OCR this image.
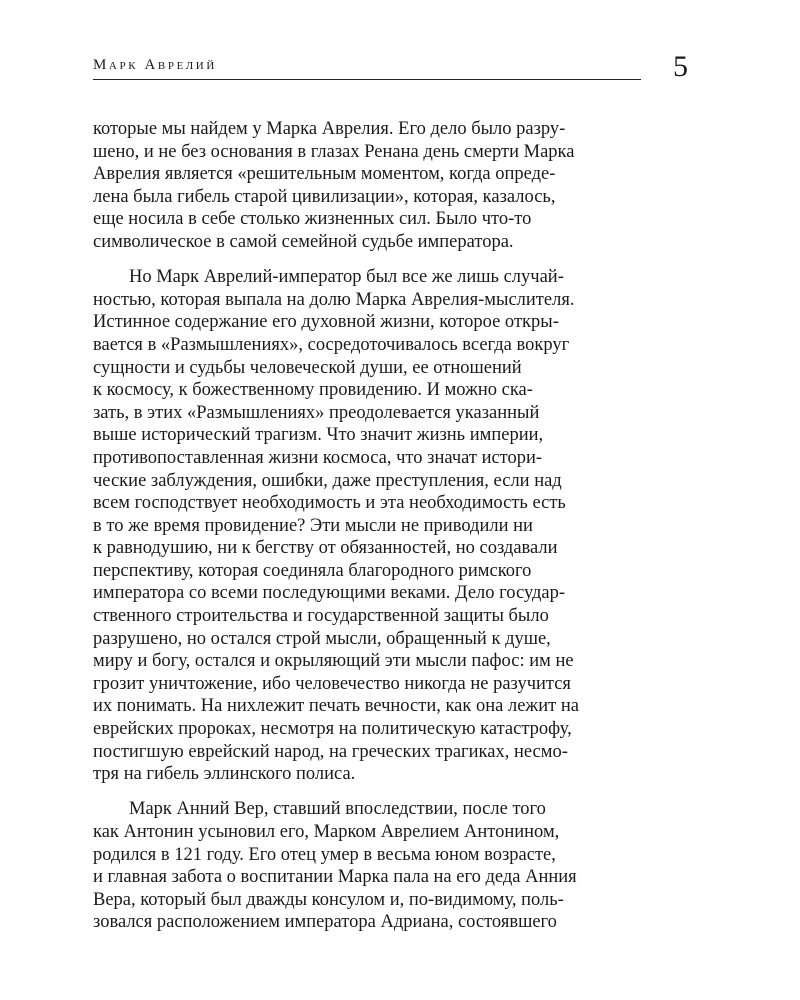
Марк Аврелий	5

которые мы найдем у Марка Аврелия. Его дело было разру-
шено, и не без основания в глазах Ренана день смерти Марка
Аврелия является «решительным моментом, когда опреде-
лена была гибель старой цивилизации», которая, казалось,
еще носила в себе столько жизненных сил. Было что-то
символическое в самой семейной судьбе императора.

Но Марк Аврелий-император был все же лишь случай-
ностью, которая выпала на долю Марка Аврелия-мыслителя.
Истинное содержание его духовной жизни, которое откры-
вается в «Размышлениях», сосредоточивалось всегда вокруг
сущности и судьбы человеческой души, ее отношений
к космосу, к божественному провидению. И можно ска-
зать, в этих «Размышлениях» преодолевается указанный
выше исторический трагизм. Что значит жизнь империи,
противопоставленная жизни космоса, что значат истори-
ческие заблуждения, ошибки, даже преступления, если над
всем господствует необходимость и эта необходимость есть
в то же время провидение? Эти мысли не приводили ни
к равнодушию, ни к бегству от обязанностей, но создавали
перспективу, которая соединяла благородного римского
императора со всеми последующими веками. Дело государ-
ственного строительства и государственной защиты было
разрушено, но остался строй мысли, обращенный к душе,
миру и богу, остался и окрыляющий эти мысли пафос: им не
грозит уничтожение, ибо человечество никогда не разучится
их понимать. На нихлежит печать вечности, как она лежит на
еврейских пророках, несмотря на политическую катастрофу,
постигшую еврейский народ, на греческих трагиках, несмо-
тря на гибель эллинского полиса.

Марк Анний Вер, ставший впоследствии, после того
как Антонин усыновил его, Марком Аврелием Антонином,
родился в 121 году. Его отец умер в весьма юном возрасте,
и главная забота о воспитании Марка пала на его деда Анния
Вера, который был дважды консулом и, по-видимому, поль-
зовался расположением императора Адриана, состоявшего
